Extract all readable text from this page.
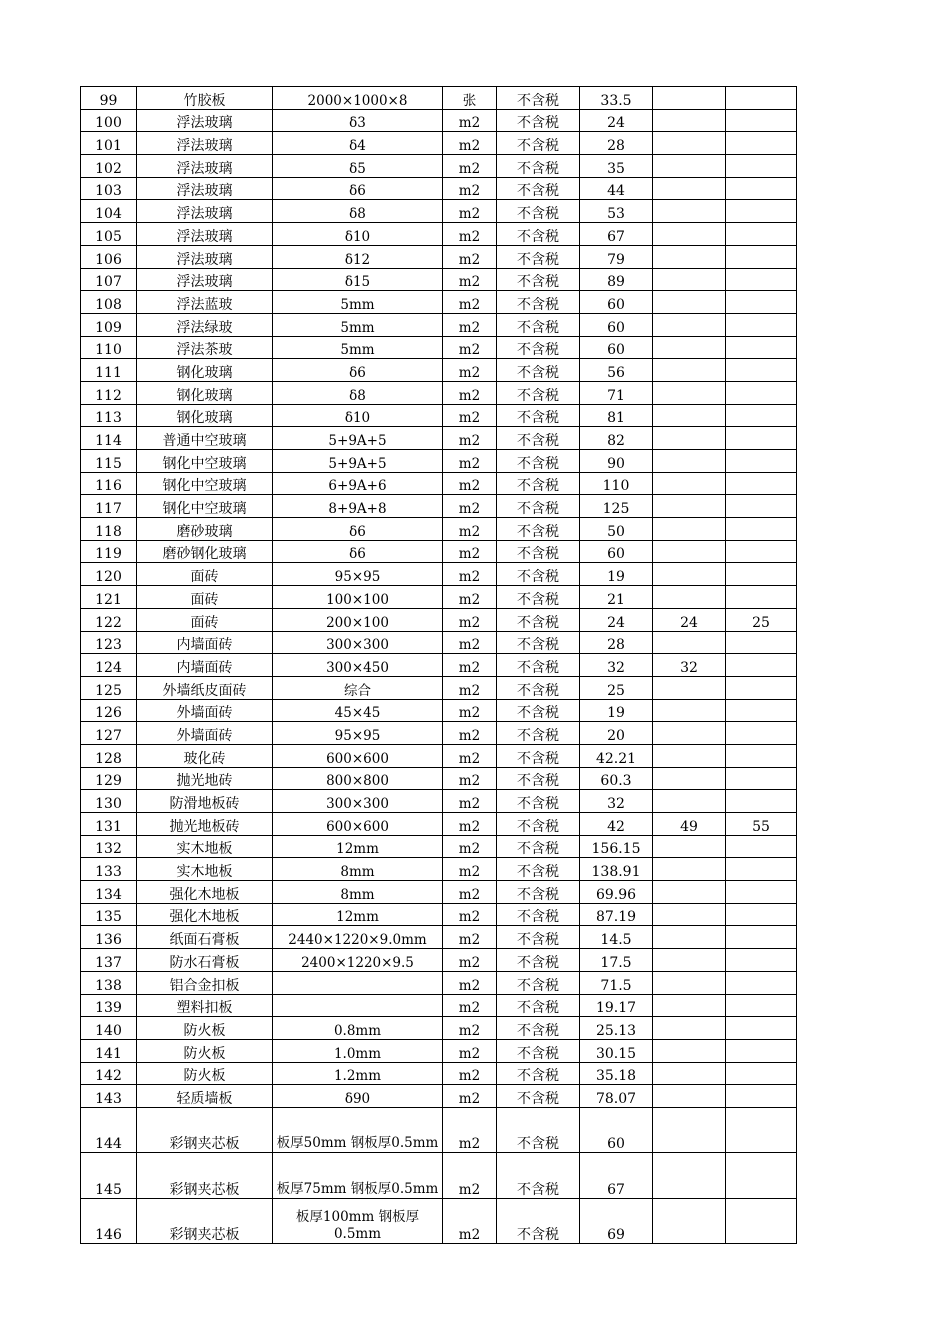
99	竹胶板	2000×1000×8	张	不含税	33.5		
100	浮法玻璃	δ3	m2	不含税	24		
101	浮法玻璃	δ4	m2	不含税	28		
102	浮法玻璃	δ5	m2	不含税	35		
103	浮法玻璃	δ6	m2	不含税	44		
104	浮法玻璃	δ8	m2	不含税	53		
105	浮法玻璃	δ10	m2	不含税	67		
106	浮法玻璃	δ12	m2	不含税	79		
107	浮法玻璃	δ15	m2	不含税	89		
108	浮法蓝玻	5mm	m2	不含税	60		
109	浮法绿玻	5mm	m2	不含税	60		
110	浮法茶玻	5mm	m2	不含税	60		
111	钢化玻璃	δ6	m2	不含税	56		
112	钢化玻璃	δ8	m2	不含税	71		
113	钢化玻璃	δ10	m2	不含税	81		
114	普通中空玻璃	5+9A+5	m2	不含税	82		
115	钢化中空玻璃	5+9A+5	m2	不含税	90		
116	钢化中空玻璃	6+9A+6	m2	不含税	110		
117	钢化中空玻璃	8+9A+8	m2	不含税	125		
118	磨砂玻璃	δ6	m2	不含税	50		
119	磨砂钢化玻璃	δ6	m2	不含税	60		
120	面砖	95×95	m2	不含税	19		
121	面砖	100×100	m2	不含税	21		
122	面砖	200×100	m2	不含税	24	24	25
123	内墙面砖	300×300	m2	不含税	28		
124	内墙面砖	300×450	m2	不含税	32	32	
125	外墙纸皮面砖	综合	m2	不含税	25		
126	外墙面砖	45×45	m2	不含税	19		
127	外墙面砖	95×95	m2	不含税	20		
128	玻化砖	600×600	m2	不含税	42.21		
129	抛光地砖	800×800	m2	不含税	60.3		
130	防滑地板砖	300×300	m2	不含税	32		
131	抛光地板砖	600×600	m2	不含税	42	49	55
132	实木地板	12mm	m2	不含税	156.15		
133	实木地板	8mm	m2	不含税	138.91		
134	强化木地板	8mm	m2	不含税	69.96		
135	强化木地板	12mm	m2	不含税	87.19		
136	纸面石膏板	2440×1220×9.0mm	m2	不含税	14.5		
137	防水石膏板	2400×1220×9.5	m2	不含税	17.5		
138	铝合金扣板		m2	不含税	71.5		
139	塑料扣板		m2	不含税	19.17		
140	防火板	0.8mm	m2	不含税	25.13		
141	防火板	1.0mm	m2	不含税	30.15		
142	防火板	1.2mm	m2	不含税	35.18		
143	轻质墙板	δ90	m2	不含税	78.07		
144	彩钢夹芯板	板厚50mm 钢板厚0.5mm	m2	不含税	60		
145	彩钢夹芯板	板厚75mm 钢板厚0.5mm	m2	不含税	67		
146	彩钢夹芯板	板厚100mm 钢板厚0.5mm	m2	不含税	69		
